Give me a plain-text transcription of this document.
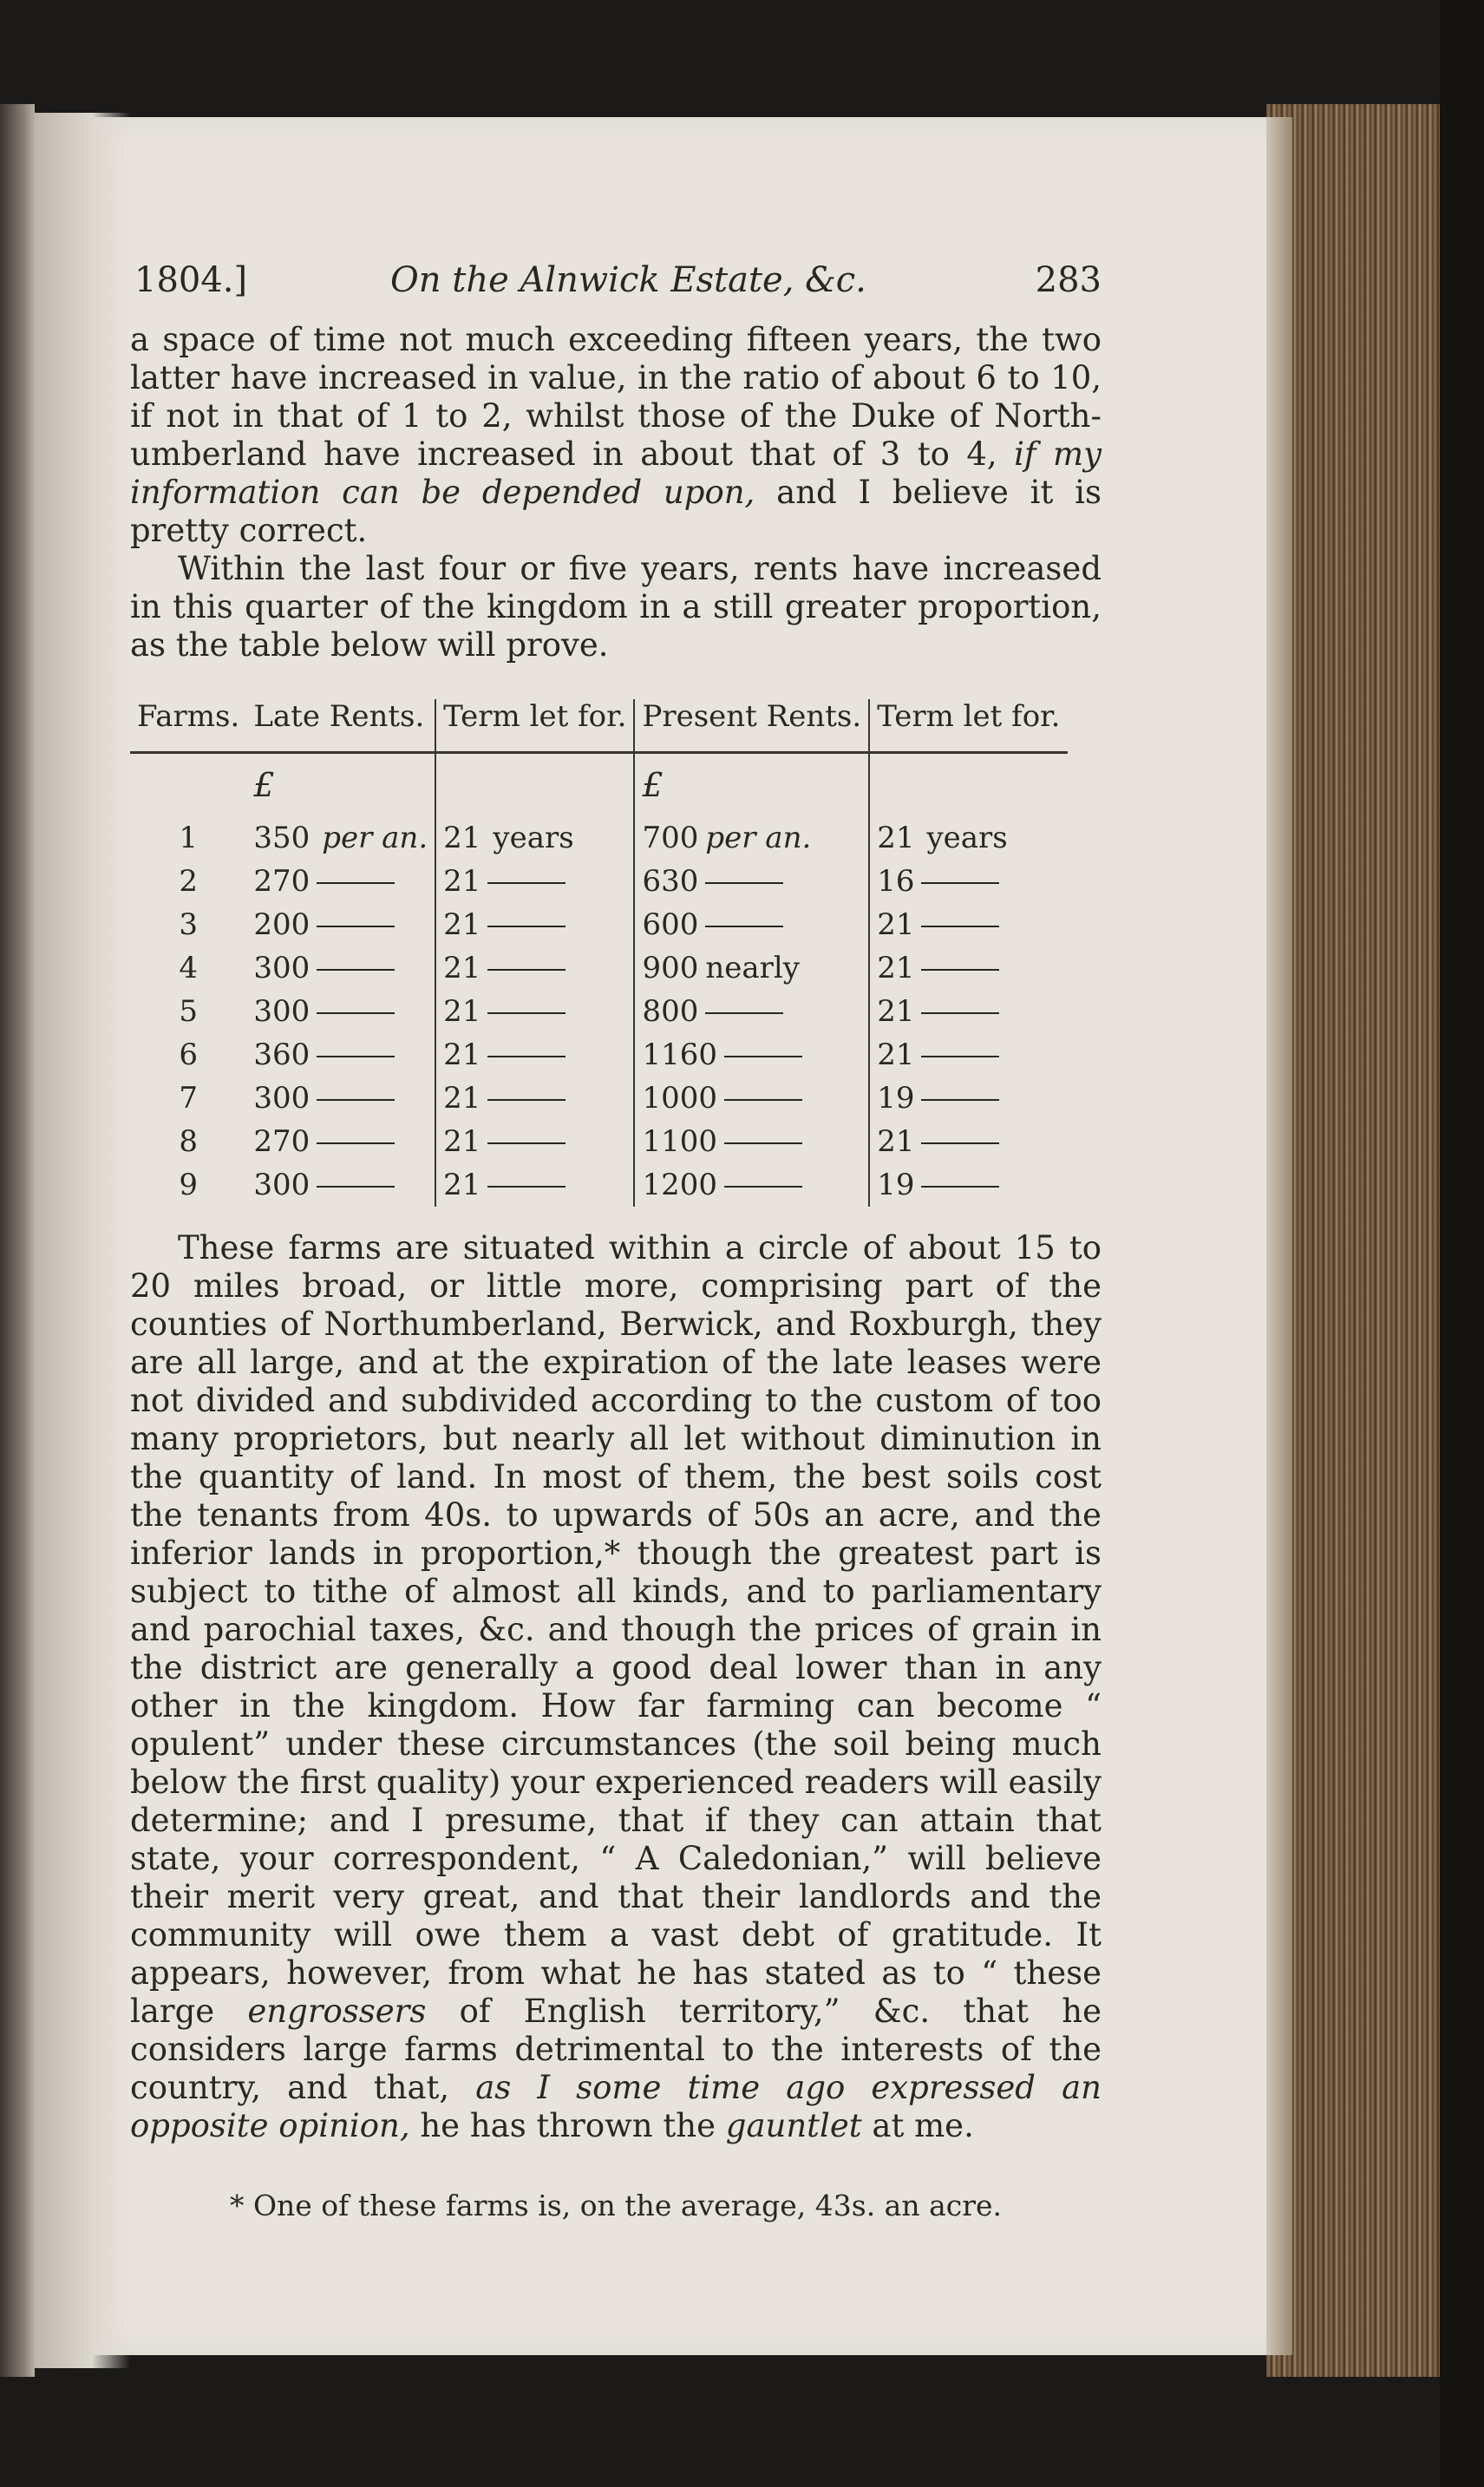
1804.]	On the Alnwick Estate, &c.	283

a space of time not much exceeding fifteen years, the two latter have increased in value, in the ratio of about 6 to 10, if not in that of 1 to 2, whilst those of the Duke of North-umberland have increased in about that of 3 to 4, if my information can be depended upon, and I believe it is pretty correct.

Within the last four or five years, rents have increased in this quarter of the kingdom in a still greater proportion, as the table below will prove.

Farms.	Late Rents.	Term let for.	Present Rents.	Term let for.
	£		£	
1	350 per an.	21 years	700 per an.	21 years
2	270	21	630	16
3	200	21	600	21
4	300	21	900 nearly	21
5	300	21	800	21
6	360	21	1160	21
7	300	21	1000	19
8	270	21	1100	21
9	300	21	1200	19

These farms are situated within a circle of about 15 to 20 miles broad, or little more, comprising part of the counties of Northumberland, Berwick, and Roxburgh, they are all large, and at the expiration of the late leases were not divided and subdivided according to the custom of too many proprietors, but nearly all let without diminution in the quantity of land. In most of them, the best soils cost the tenants from 40s. to upwards of 50s an acre, and the inferior lands in proportion,* though the greatest part is subject to tithe of almost all kinds, and to parliamentary and parochial taxes, &c. and though the prices of grain in the district are generally a good deal lower than in any other in the kingdom. How far farming can become “ opulent” under these circumstances (the soil being much below the first quality) your experienced readers will easily determine; and I presume, that if they can attain that state, your correspondent, “ A Caledonian,” will believe their merit very great, and that their landlords and the community will owe them a vast debt of gratitude. It appears, however, from what he has stated as to “ these large engrossers of English territory,” &c. that he considers large farms detrimental to the interests of the country, and that, as I some time ago expressed an opposite opinion, he has thrown the gauntlet at me.

* One of these farms is, on the average, 43s. an acre.
